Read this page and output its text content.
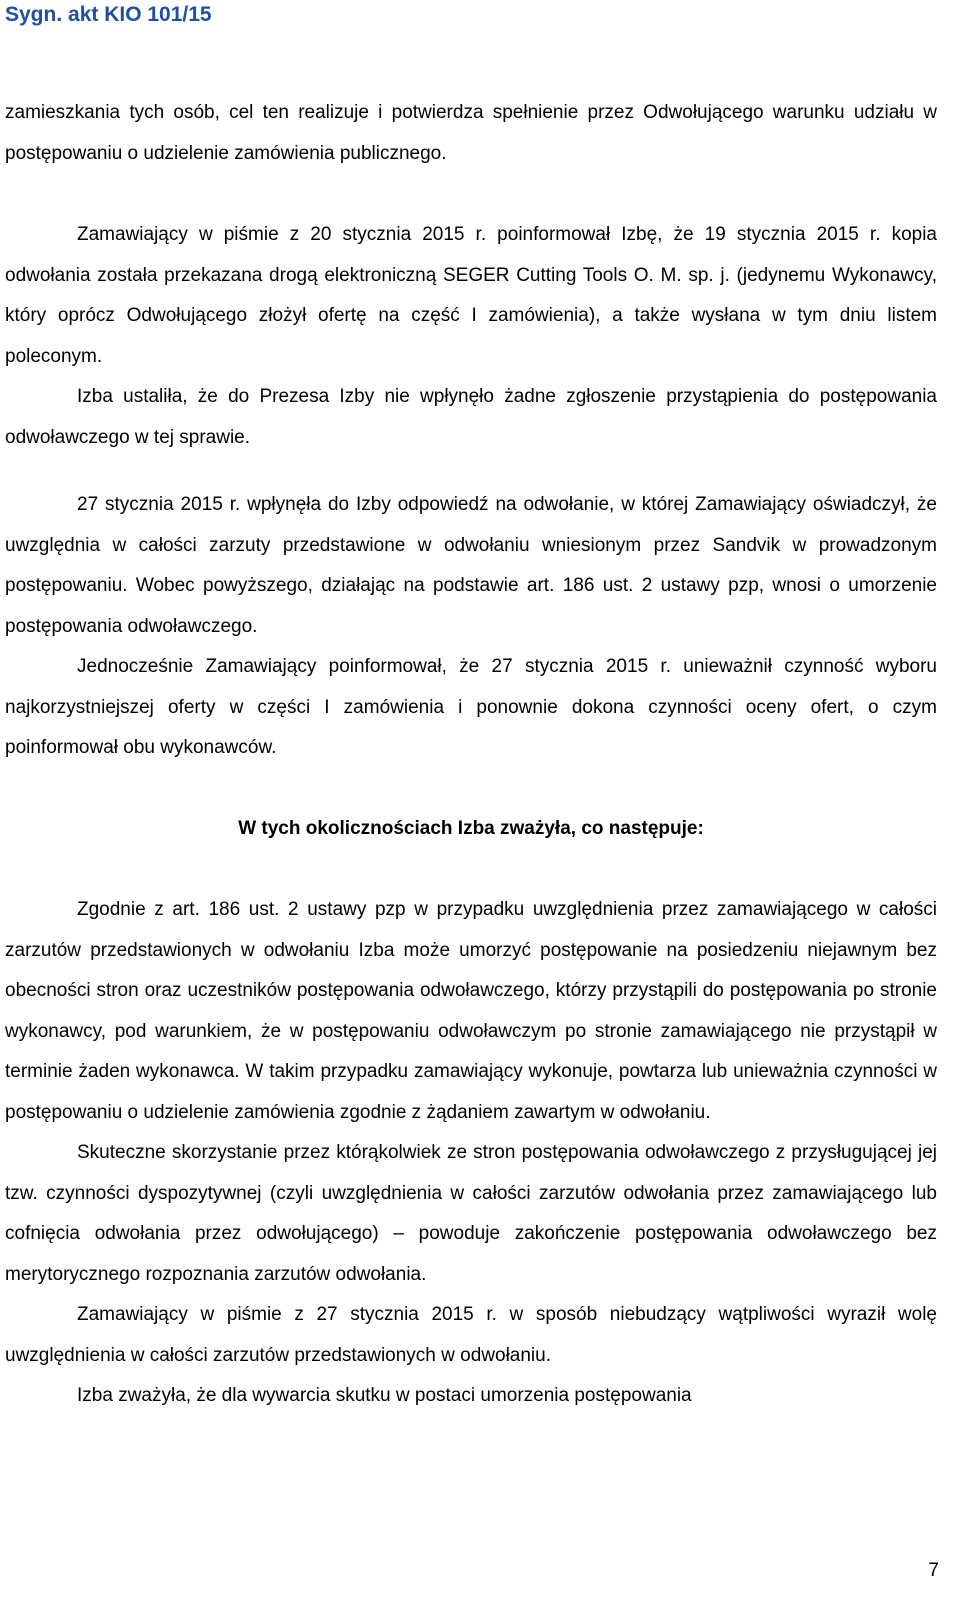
Sygn. akt KIO 101/15

zamieszkania tych osób, cel ten realizuje i potwierdza spełnienie przez Odwołującego warunku udziału w postępowaniu o udzielenie zamówienia publicznego.

Zamawiający w piśmie z 20 stycznia 2015 r. poinformował Izbę, że 19 stycznia 2015 r. kopia odwołania została przekazana drogą elektroniczną SEGER Cutting Tools O. M. sp. j. (jedynemu Wykonawcy, który oprócz Odwołującego złożył ofertę na część I zamówienia), a także wysłana w tym dniu listem poleconym.

Izba ustaliła, że do Prezesa Izby nie wpłynęło żadne zgłoszenie przystąpienia do postępowania odwoławczego w tej sprawie.

27 stycznia 2015 r. wpłynęła do Izby odpowiedź na odwołanie, w której Zamawiający oświadczył, że uwzględnia w całości zarzuty przedstawione w odwołaniu wniesionym przez Sandvik w prowadzonym postępowaniu. Wobec powyższego, działając na podstawie art. 186 ust. 2 ustawy pzp, wnosi o umorzenie postępowania odwoławczego.

Jednocześnie Zamawiający poinformował, że 27 stycznia 2015 r. unieważnił czynność wyboru najkorzystniejszej oferty w części I zamówienia i ponownie dokona czynności oceny ofert, o czym poinformował obu wykonawców.

W tych okolicznościach Izba zważyła, co następuje:

Zgodnie z art. 186 ust. 2 ustawy pzp w przypadku uwzględnienia przez zamawiającego w całości zarzutów przedstawionych w odwołaniu Izba może umorzyć postępowanie na posiedzeniu niejawnym bez obecności stron oraz uczestników postępowania odwoławczego, którzy przystąpili do postępowania po stronie wykonawcy, pod warunkiem, że w postępowaniu odwoławczym po stronie zamawiającego nie przystąpił w terminie żaden wykonawca. W takim przypadku zamawiający wykonuje, powtarza lub unieważnia czynności w postępowaniu o udzielenie zamówienia zgodnie z żądaniem zawartym w odwołaniu.

Skuteczne skorzystanie przez którąkolwiek ze stron postępowania odwoławczego z przysługującej jej tzw. czynności dyspozytywnej (czyli uwzględnienia w całości zarzutów odwołania przez zamawiającego lub cofnięcia odwołania przez odwołującego) – powoduje zakończenie postępowania odwoławczego bez merytorycznego rozpoznania zarzutów odwołania.

Zamawiający w piśmie z 27 stycznia 2015 r. w sposób niebudzący wątpliwości wyraził wolę uwzględnienia w całości zarzutów przedstawionych w odwołaniu.

Izba zważyła, że dla wywarcia skutku w postaci umorzenia postępowania

7
